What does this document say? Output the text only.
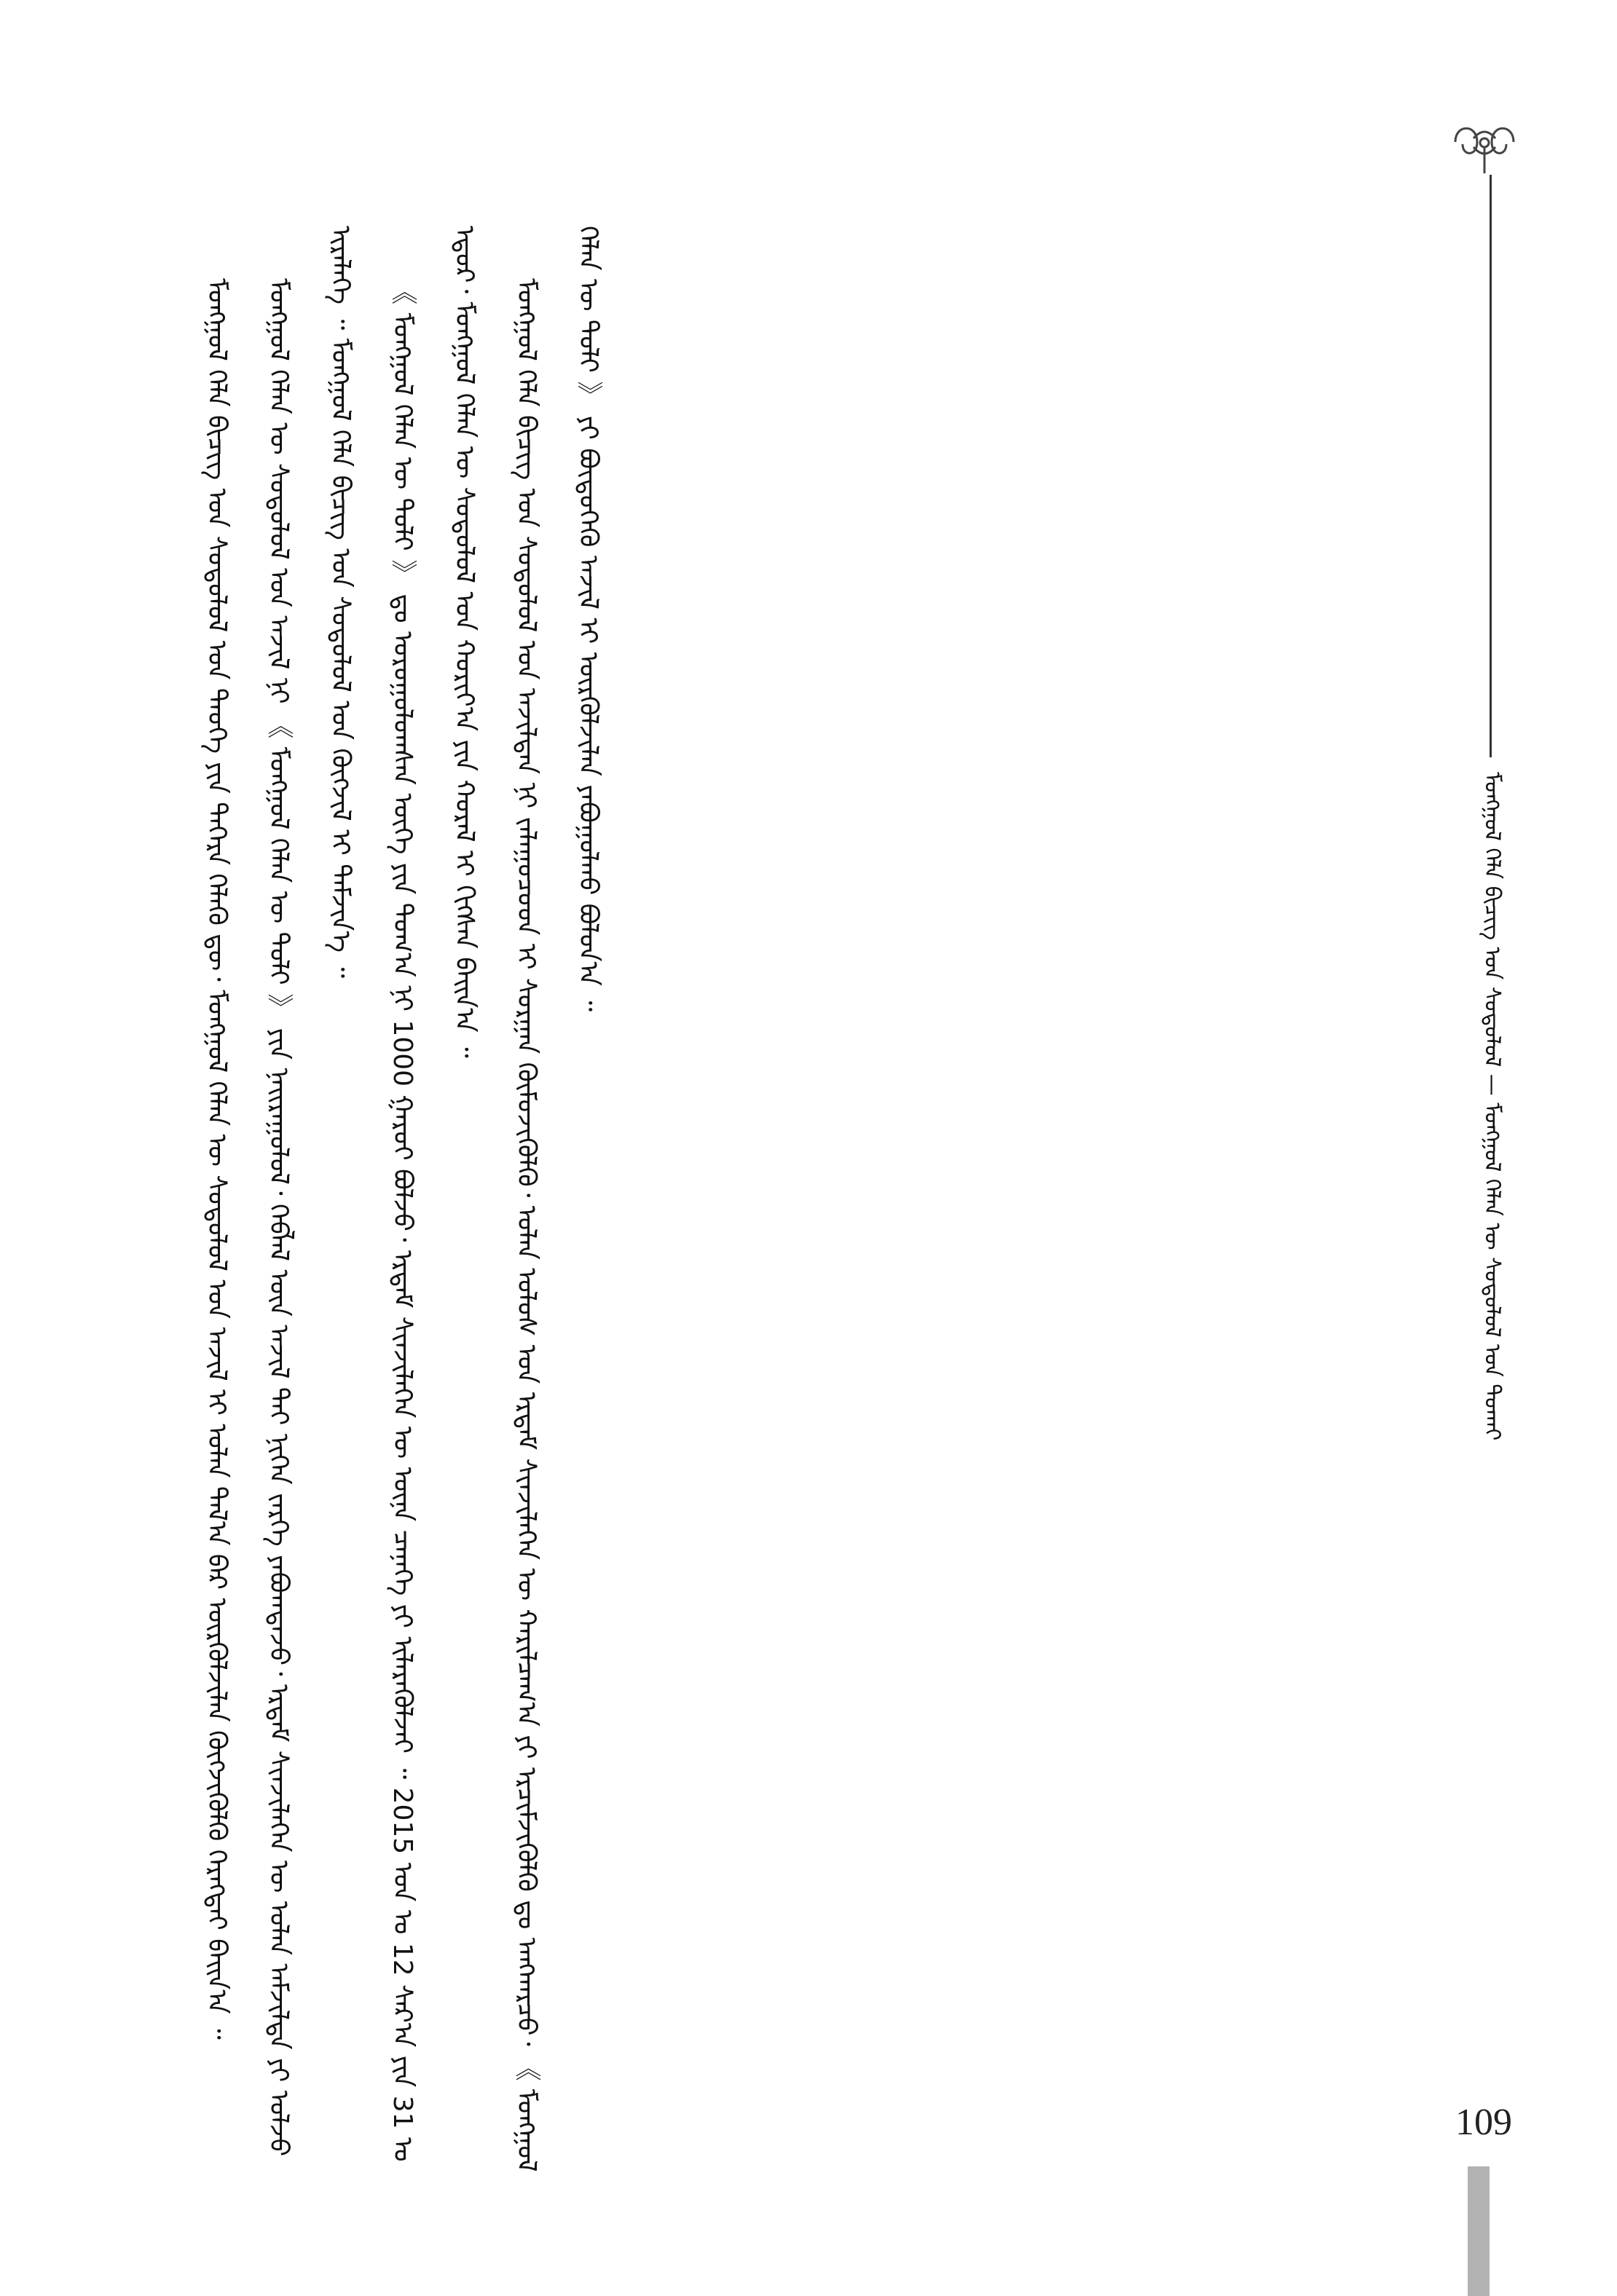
ᠮᠣᠩᠭᠣᠯ ᠬᠡᠯᠡ ᠪᠢᠴᠢᠭ ᠤᠨ ᠰᠤᠳᠤᠯᠤᠯ — ᠮᠣᠩᠭᠣᠯ ᠬᠡᠯᠡᠨ ᠦ ᠰᠤᠳᠤᠯᠤᠯ ᠤᠨ ᠲᠤᠬᠠᠢ

ᠮᠣᠩᠭᠣᠯ ᠬᠡᠯᠡ ᠪᠢᠴᠢᠭ ᠤᠨ ᠰᠤᠳᠤᠯᠤᠯ ᠤᠨ ᠲᠡᠦᠬᠡ ᠶᠢᠨ ᠳᠡᠭᠡᠷᠡ ᠬᠡᠯᠡᠬᠦ ᠳᠦ᠂ ᠮᠣᠩᠭᠣᠯ ᠬᠡᠯᠡᠨ ᠦ ᠰᠤᠳᠤᠯᠤᠯ ᠤᠨ ᠠᠵᠢᠯ ᠢ ᠣᠯᠠᠨ ᠲᠠᠯ᠎ᠠ ᠪᠠᠷ ᠦᠷᠭᠦᠯᠵᠢᠯᠡᠨ ᠬᠦᠭᠵᠢᠭᠦᠯᠬᠦ ᠬᠡᠷᠡᠭᠲᠡᠢ ᠪᠠᠢᠨ᠎ᠠ ᠃	ᠮᠣᠩᠭᠣᠯ ᠬᠡᠯᠡᠨ ᠦ ᠰᠤᠳᠤᠯᠤᠯ ᠤᠨ ᠠᠵᠢᠯ ᠨᠢ 《 ᠮᠣᠩᠭᠣᠯ ᠬᠡᠯᠡᠨ ᠦ ᠲᠣᠯᠢ 》 ᠶᠢᠨ ᠨᠠᠢᠷᠠᠭᠤᠯᠤᠯ᠂ ᠬᠡᠪᠯᠡᠯ ᠦᠨ ᠠᠵᠢᠯ ᠲᠠᠢ ᠨᠢᠭᠡᠨ ᠵᠡᠷᠭᠡ ᠶᠠᠪᠤᠭᠳᠠᠵᠤ᠂ ᠡᠷᠳᠡᠮ ᠰᠢᠨᠵᠢᠯᠡᠭᠡᠨ ᠦ ᠣᠯᠠᠨ ᠠᠮᠵᠢᠯᠲᠠ ᠶᠢ ᠣᠯᠵᠤ ᠢᠷᠡᠯᠡᠭᠡ ᠃ ᠮᠣᠩᠭᠣᠯ ᠬᠡᠯᠡ ᠪᠢᠴᠢᠭ ᠤᠨ ᠰᠤᠳᠤᠯᠤᠯ ᠤᠨ ᠬᠥᠭᠵᠢᠯ ᠢ ᠳᠡᠮᠵᠢᠨ᠎ᠡ ᠃	《 ᠮᠣᠩᠭᠣᠯ ᠬᠡᠯᠡᠨ ᠦ ᠲᠣᠯᠢ 》 ᠳᠤ ᠣᠷᠣᠭᠤᠯᠤᠭᠰᠠᠨ ᠦᠭᠡ ᠶᠢᠨ ᠲᠣᠭ᠎ᠠ ᠨᠢ 1000 ᠭᠠᠷᠤᠢ ᠪᠣᠯᠵᠤ᠂ ᠡᠷᠳᠡᠮ ᠰᠢᠨᠵᠢᠯᠡᠭᠡᠨ ᠦ ᠦᠨᠡ ᠴᠡᠨᠡᠭᠡ ᠶᠢ ᠢᠯᠡᠷᠡᠭᠦᠯᠵᠡᠢ ᠃ 2015 ᠣᠨ ᠤ 12 ᠰᠠᠷ᠎ᠠ ᠶᠢᠨ 31 ᠤ ᠡᠳᠦᠷ᠂ ᠮᠣᠩᠭᠣᠯ ᠬᠡᠯᠡᠨ ᠦ ᠰᠤᠳᠤᠯᠤᠯ ᠤᠨ ᠬᠣᠷᠢᠶ᠎ᠠ ᠶᠢᠨ ᠬᠤᠷᠠᠯ ᠢ ᠬᠢᠭᠰᠡᠨ ᠪᠠᠢᠨ᠎ᠠ ᠃	ᠮᠣᠩᠭᠣᠯ ᠬᠡᠯᠡ ᠪᠢᠴᠢᠭ ᠤᠨ ᠰᠤᠳᠤᠯᠤᠯ ᠤᠨ ᠠᠵᠢᠯᠲᠠᠨ ᠨᠢ ᠵᠠᠯᠠᠭᠤᠴᠤᠳ ᠢ ᠰᠤᠷᠭᠠᠨ ᠬᠦᠮᠦᠵᠢᠭᠦᠯᠬᠦ᠂ ᠣᠯᠠᠨ ᠤᠯᠤᠰ ᠤᠨ ᠡᠷᠳᠡᠮ ᠰᠢᠨᠵᠢᠯᠡᠭᠡᠨ ᠦ ᠬᠠᠷᠢᠯᠴᠠᠭ᠎ᠠ ᠶᠢ ᠡᠷᠴᠢᠮᠵᠢᠭᠦᠯᠬᠦ ᠳᠤ ᠠᠩᠬᠠᠷᠴᠤ᠂ 《 ᠮᠣᠩᠭᠣᠯ ᠬᠡᠯᠡᠨ ᠦ ᠲᠣᠯᠢ 》 ᠶᠢ ᠪᠦᠲᠦᠭᠡᠬᠦ ᠠᠵᠢᠯ ᠢ ᠦᠷᠭᠦᠯᠵᠢᠯᠡᠨ ᠶᠠᠪᠤᠭᠤᠯᠬᠤ ᠪᠣᠯᠤᠨ᠎ᠠ ᠃

109
